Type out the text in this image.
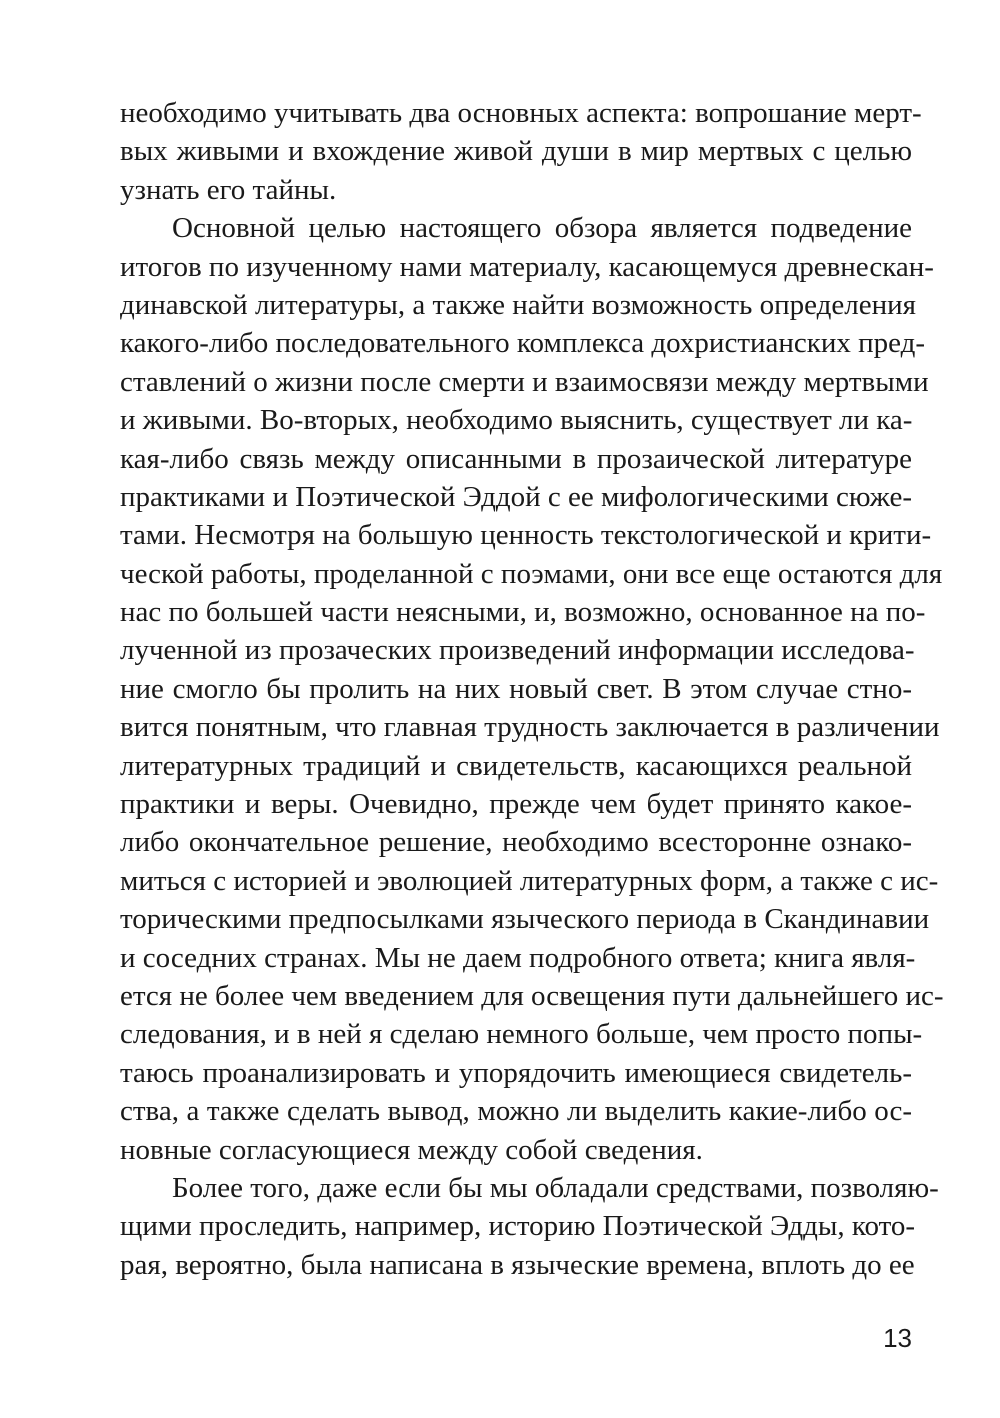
необходимо учитывать два основных аспекта: вопрошание мерт-
вых живыми и вхождение живой души в мир мертвых с целью
узнать его тайны.
Основной целью настоящего обзора является подведение
итогов по изученному нами материалу, касающемуся древнескан-
динавской литературы, а также найти возможность определения
какого-либо последовательного комплекса дохристианских пред-
ставлений о жизни после смерти и взаимосвязи между мертвыми
и живыми. Во-вторых, необходимо выяснить, существует ли ка-
кая-либо связь между описанными в прозаической литературе
практиками и Поэтической Эддой с ее мифологическими сюже-
тами. Несмотря на большую ценность текстологической и крити-
ческой работы, проделанной с поэмами, они все еще остаются для
нас по большей части неясными, и, возможно, основанное на по-
лученной из прозаческих произведений информации исследова-
ние смогло бы пролить на них новый свет. В этом случае стно-
вится понятным, что главная трудность заключается в различении
литературных традиций и свидетельств, касающихся реальной
практики и веры. Очевидно, прежде чем будет принято какое-
либо окончательное решение, необходимо всесторонне ознако-
миться с историей и эволюцией литературных форм, а также с ис-
торическими предпосылками языческого периода в Скандинавии
и соседних странах. Мы не даем подробного ответа; книга явля-
ется не более чем введением для освещения пути дальнейшего ис-
следования, и в ней я сделаю немного больше, чем просто попы-
таюсь проанализировать и упорядочить имеющиеся свидетель-
ства, а также сделать вывод, можно ли выделить какие-либо ос-
новные согласующиеся между собой сведения.
Более того, даже если бы мы обладали средствами, позволяю-
щими проследить, например, историю Поэтической Эдды, кото-
рая, вероятно, была написана в языческие времена, вплоть до ее
13
